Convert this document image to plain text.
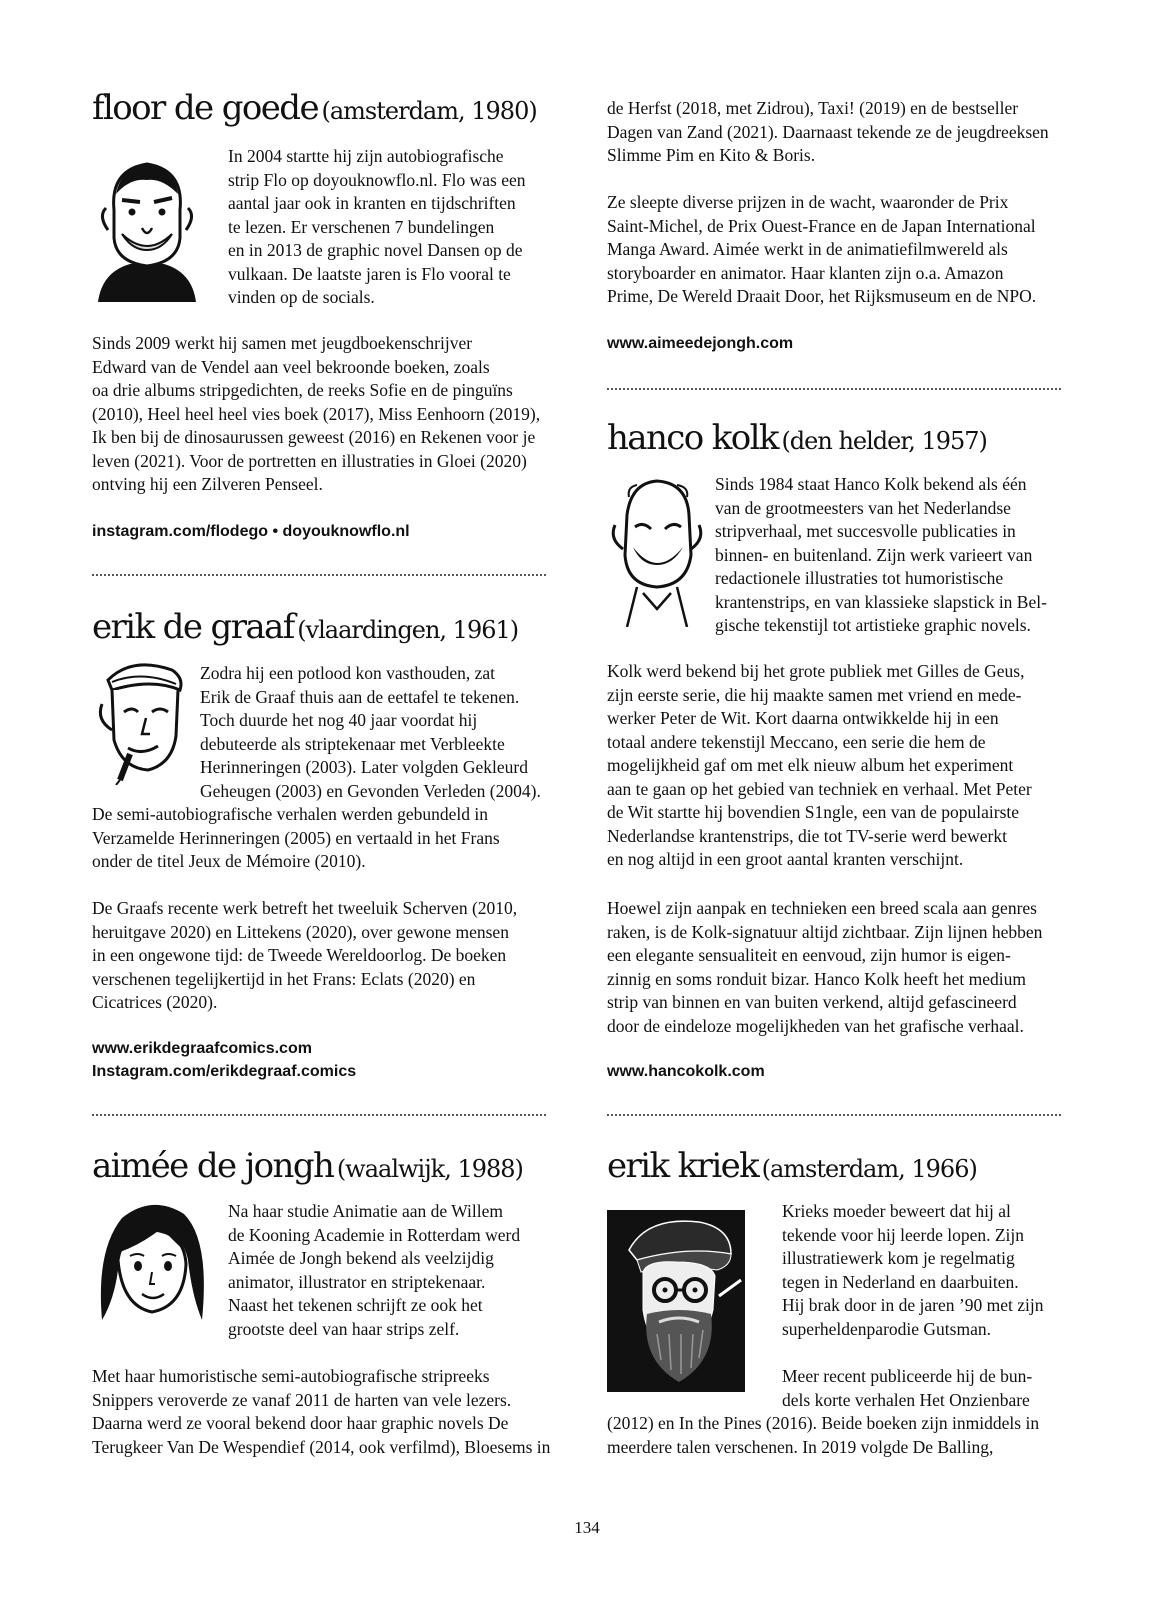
floor de goede (amsterdam, 1980)

In 2004 startte hij zijn autobiografische
strip Flo op doyouknowflo.nl. Flo was een
aantal jaar ook in kranten en tijdschriften
te lezen. Er verschenen 7 bundelingen
en in 2013 de graphic novel Dansen op de
vulkaan. De laatste jaren is Flo vooral te
vinden op de socials.

Sinds 2009 werkt hij samen met jeugdboekenschrijver
Edward van de Vendel aan veel bekroonde boeken, zoals
oa drie albums stripgedichten, de reeks Sofie en de pinguïns
(2010), Heel heel heel vies boek (2017), Miss Eenhoorn (2019),
Ik ben bij de dinosaurussen geweest (2016) en Rekenen voor je
leven (2021). Voor de portretten en illustraties in Gloei (2020)
ontving hij een Zilveren Penseel.

instagram.com/flodego • doyouknowflo.nl
erik de graaf (vlaardingen, 1961)

Zodra hij een potlood kon vasthouden, zat
Erik de Graaf thuis aan de eettafel te tekenen.
Toch duurde het nog 40 jaar voordat hij
debuteerde als striptekenaar met Verbleekte
Herinneringen (2003). Later volgden Gekleurd
Geheugen (2003) en Gevonden Verleden (2004).

De semi-autobiografische verhalen werden gebundeld in
Verzamelde Herinneringen (2005) en vertaald in het Frans
onder de titel Jeux de Mémoire (2010).

De Graafs recente werk betreft het tweeluik Scherven (2010,
heruitgave 2020) en Littekens (2020), over gewone mensen
in een ongewone tijd: de Tweede Wereldoorlog. De boeken
verschenen tegelijkertijd in het Frans: Eclats (2020) en
Cicatrices (2020).

www.erikdegraafcomics.com
Instagram.com/erikdegraaf.comics
aimée de jongh (waalwijk, 1988)

Na haar studie Animatie aan de Willem
de Kooning Academie in Rotterdam werd
Aimée de Jongh bekend als veelzijdig
animator, illustrator en striptekenaar.
Naast het tekenen schrijft ze ook het
grootste deel van haar strips zelf.

Met haar humoristische semi-autobiografische stripreeks
Snippers veroverde ze vanaf 2011 de harten van vele lezers.
Daarna werd ze vooral bekend door haar graphic novels De
Terugkeer Van De Wespendief (2014, ook verfilmd), Bloesems in

de Herfst (2018, met Zidrou), Taxi! (2019) en de bestseller
Dagen van Zand (2021). Daarnaast tekende ze de jeugdreeksen
Slimme Pim en Kito & Boris.

Ze sleepte diverse prijzen in de wacht, waaronder de Prix
Saint-Michel, de Prix Ouest-France en de Japan International
Manga Award. Aimée werkt in de animatiefilmwereld als
storyboarder en animator. Haar klanten zijn o.a. Amazon
Prime, De Wereld Draait Door, het Rijksmuseum en de NPO.

www.aimeedejongh.com
hanco kolk (den helder, 1957)

Sinds 1984 staat Hanco Kolk bekend als één
van de grootmeesters van het Nederlandse
stripverhaal, met succesvolle publicaties in
binnen- en buitenland. Zijn werk varieert van
redactionele illustraties tot humoristische
krantenstrips, en van klassieke slapstick in Bel-
gische tekenstijl tot artistieke graphic novels.

Kolk werd bekend bij het grote publiek met Gilles de Geus,
zijn eerste serie, die hij maakte samen met vriend en mede-
werker Peter de Wit. Kort daarna ontwikkelde hij in een
totaal andere tekenstijl Meccano, een serie die hem de
mogelijkheid gaf om met elk nieuw album het experiment
aan te gaan op het gebied van techniek en verhaal. Met Peter
de Wit startte hij bovendien S1ngle, een van de populairste
Nederlandse krantenstrips, die tot TV-serie werd bewerkt
en nog altijd in een groot aantal kranten verschijnt.

Hoewel zijn aanpak en technieken een breed scala aan genres
raken, is de Kolk-signatuur altijd zichtbaar. Zijn lijnen hebben
een elegante sensualiteit en eenvoud, zijn humor is eigen-
zinnig en soms ronduit bizar. Hanco Kolk heeft het medium
strip van binnen en van buiten verkend, altijd gefascineerd
door de eindeloze mogelijkheden van het grafische verhaal.

www.hancokolk.com
erik kriek (amsterdam, 1966)

Krieks moeder beweert dat hij al
tekende voor hij leerde lopen. Zijn
illustratiewerk kom je regelmatig
tegen in Nederland en daarbuiten.
Hij brak door in de jaren ’90 met zijn
superheldenparodie Gutsman.

Meer recent publiceerde hij de bun-
dels korte verhalen Het Onzienbare

(2012) en In the Pines (2016). Beide boeken zijn inmiddels in
meerdere talen verschenen. In 2019 volgde De Balling,

134
